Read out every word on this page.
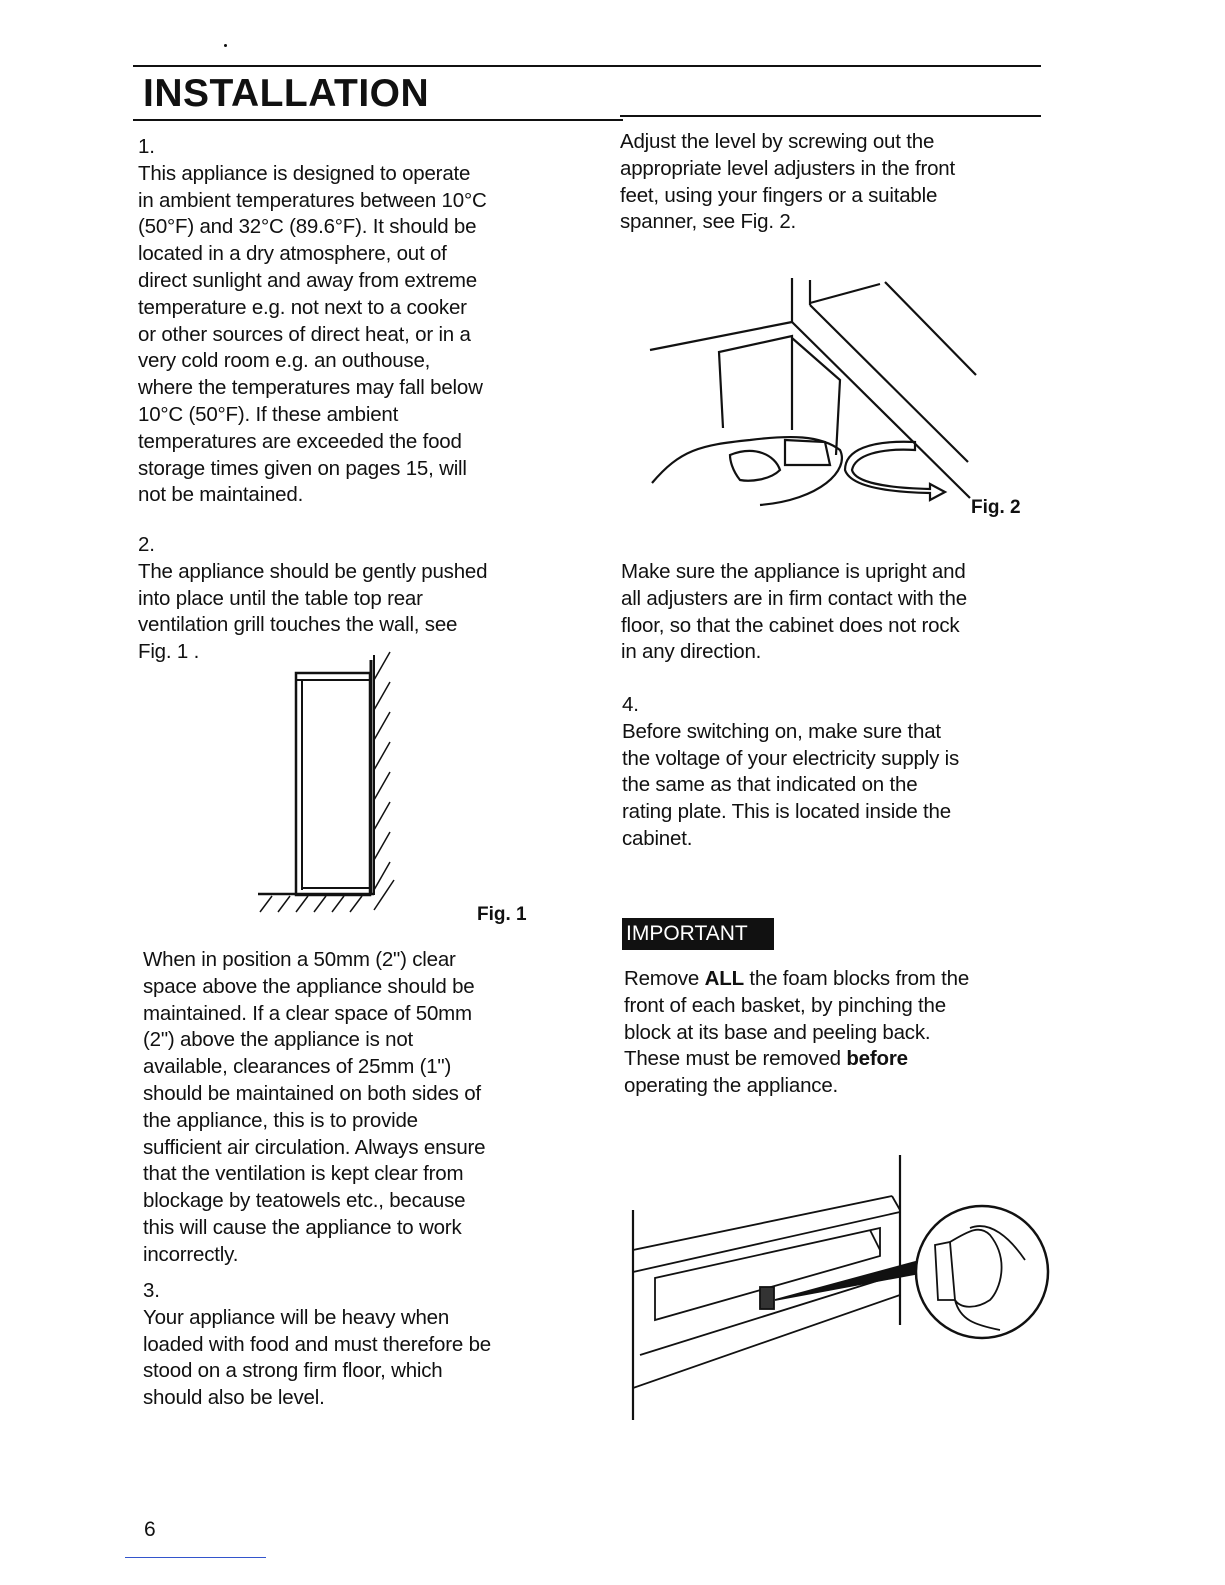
INSTALLATION
1.
This appliance is designed to operate
in ambient temperatures between 10°C
(50°F) and 32°C (89.6°F). It should be
located in a dry atmosphere, out of
direct sunlight and away from extreme
temperature e.g. not next to a cooker
or other sources of direct heat, or in a
very cold room e.g. an outhouse,
where the temperatures may fall below
10°C (50°F). If these ambient
temperatures are exceeded the food
storage times given on pages 15, will
not be maintained.
2.
The appliance should be gently pushed
into place until the table top rear
ventilation grill touches the wall, see
Fig. 1 .
Fig. 1
When in position a 50mm (2") clear
space above the appliance should be
maintained. If a clear space of 50mm
(2") above the appliance is not
available, clearances of 25mm (1")
should be maintained on both sides of
the appliance, this is to provide
sufficient air circulation. Always ensure
that the ventilation is kept clear from
blockage by teatowels etc., because
this will cause the appliance to work
incorrectly.
3.
Your appliance will be heavy when
loaded with food and must therefore be
stood on a strong firm floor, which
should also be level.
Adjust the level by screwing out the
appropriate level adjusters in the front
feet, using your fingers or a suitable
spanner, see Fig. 2.
Fig. 2
Make sure the appliance is upright and
all adjusters are in firm contact with the
floor, so that the cabinet does not rock
in any direction.
4.
Before switching on, make sure that
the voltage of your electricity supply is
the same as that indicated on the
rating plate. This is located inside the
cabinet.
IMPORTANT
Remove ALL the foam blocks from the
front of each basket, by pinching the
block at its base and peeling back.
These must be removed before
operating the appliance.
6
